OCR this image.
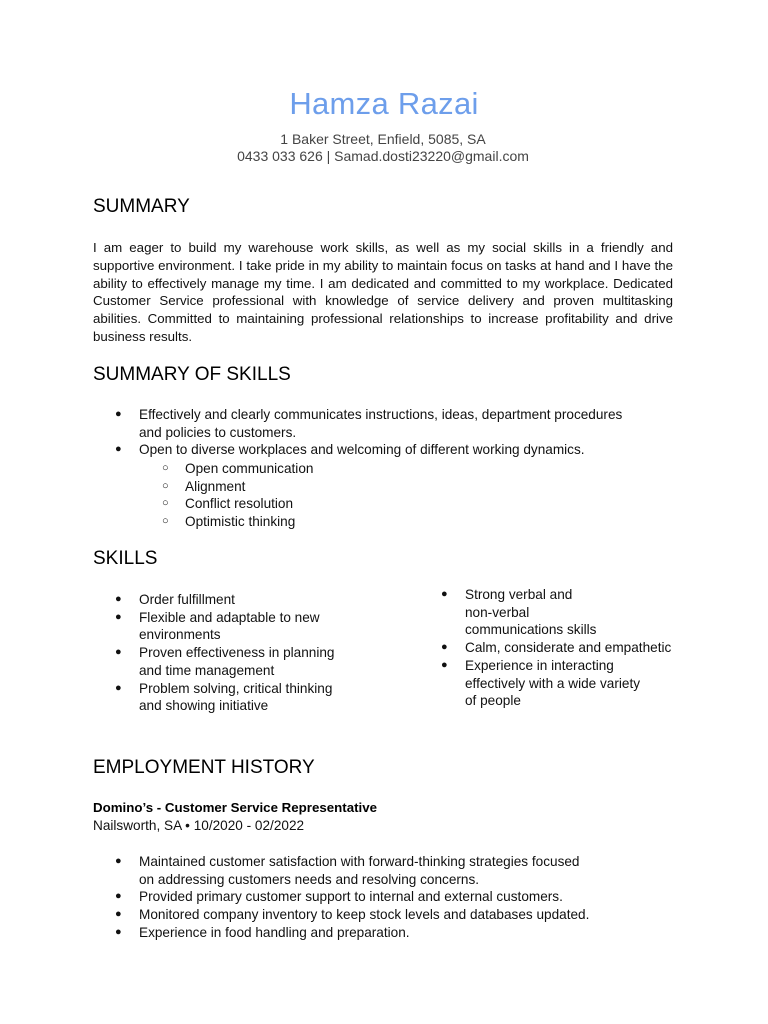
Hamza Razai
1 Baker Street, Enfield, 5085, SA
0433 033 626 | Samad.dosti23220@gmail.com
SUMMARY

I am eager to build my warehouse work skills, as well as my social skills in a friendly and supportive environment. I take pride in my ability to maintain focus on tasks at hand and I have the ability to effectively manage my time. I am dedicated and committed to my workplace. Dedicated Customer Service professional with knowledge of service delivery and proven multitasking abilities. Committed to maintaining professional relationships to increase profitability and drive business results.

SUMMARY OF SKILLS
● Effectively and clearly communicates instructions, ideas, department procedures
and policies to customers.
● Open to diverse workplaces and welcoming of different working dynamics.
○ Open communication
○ Alignment
○ Conflict resolution
○ Optimistic thinking
SKILLS
● Order fulfillment
● Flexible and adaptable to new
environments
● Proven effectiveness in planning
and time management
● Problem solving, critical thinking
and showing initiative
● Strong verbal and
non-verbal
communications skills
● Calm, considerate and empathetic
● Experience in interacting
effectively with a wide variety
of people
EMPLOYMENT HISTORY
Domino’s - Customer Service Representative
Nailsworth, SA • 10/2020 - 02/2022
● Maintained customer satisfaction with forward-thinking strategies focused
on addressing customers needs and resolving concerns.
● Provided primary customer support to internal and external customers.
● Monitored company inventory to keep stock levels and databases updated.
● Experience in food handling and preparation.
